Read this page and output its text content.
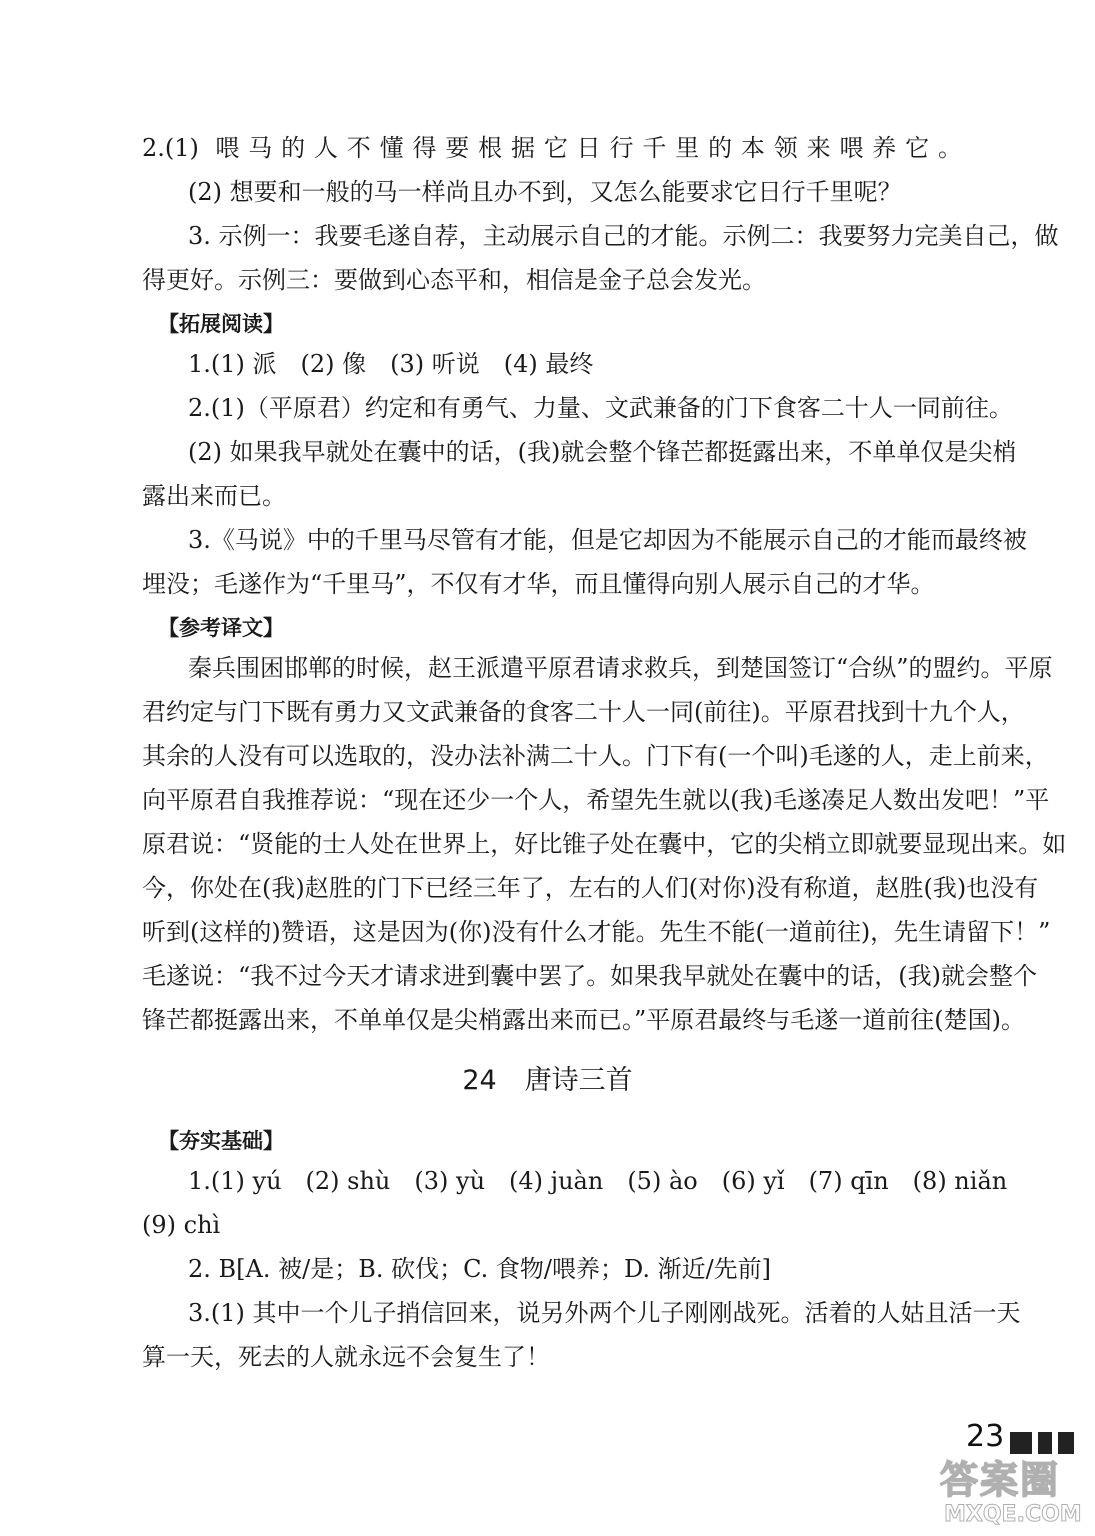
2.(1) 喂马的人不懂得要根据它日行千里的本领来喂养它。
(2) 想要和一般的马一样尚且办不到，又怎么能要求它日行千里呢？
3. 示例一：我要毛遂自荐，主动展示自己的才能。示例二：我要努力完美自己，做
得更好。示例三：要做到心态平和，相信是金子总会发光。
【拓展阅读】
1.(1) 派　(2) 像　(3) 听说　(4) 最终
2.(1)（平原君）约定和有勇气、力量、文武兼备的门下食客二十人一同前往。
(2) 如果我早就处在囊中的话，(我)就会整个锋芒都挺露出来，不单单仅是尖梢
露出来而已。
3.《马说》中的千里马尽管有才能，但是它却因为不能展示自己的才能而最终被
埋没；毛遂作为“千里马”，不仅有才华，而且懂得向别人展示自己的才华。
【参考译文】
秦兵围困邯郸的时候，赵王派遣平原君请求救兵，到楚国签订“合纵”的盟约。平原
君约定与门下既有勇力又文武兼备的食客二十人一同(前往)。平原君找到十九个人，
其余的人没有可以选取的，没办法补满二十人。门下有(一个叫)毛遂的人，走上前来，
向平原君自我推荐说：“现在还少一个人，希望先生就以(我)毛遂凑足人数出发吧！”平
原君说：“贤能的士人处在世界上，好比锥子处在囊中，它的尖梢立即就要显现出来。如
今，你处在(我)赵胜的门下已经三年了，左右的人们(对你)没有称道，赵胜(我)也没有
听到(这样的)赞语，这是因为(你)没有什么才能。先生不能(一道前往)，先生请留下！”
毛遂说：“我不过今天才请求进到囊中罢了。如果我早就处在囊中的话，(我)就会整个
锋芒都挺露出来，不单单仅是尖梢露出来而已。”平原君最终与毛遂一道前往(楚国)。
24 唐诗三首
【夯实基础】
1.(1) yú　(2) shù　(3) yù　(4) juàn　(5) ào　(6) yǐ　(7) qīn　(8) niǎn
(9) chì
2. B[A. 被/是；B. 砍伐；C. 食物/喂养；D. 渐近/先前]
3.(1) 其中一个儿子捎信回来，说另外两个儿子刚刚战死。活着的人姑且活一天
算一天，死去的人就永远不会复生了！
23
答案圈
MXQE.COM
